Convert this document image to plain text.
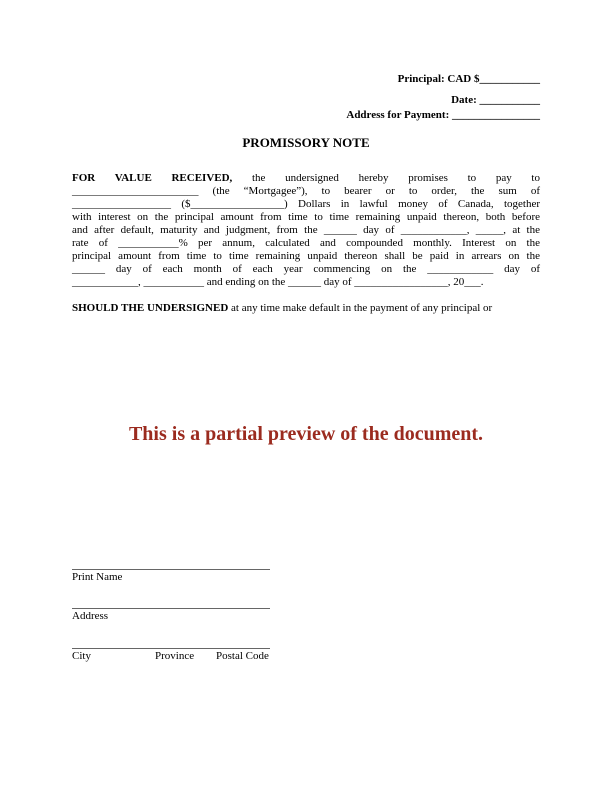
Principal: CAD $___________
Date: ___________
Address for Payment: ________________
PROMISSORY NOTE
FOR VALUE RECEIVED, the undersigned hereby promises to pay to
_______________________ (the “Mortgagee”), to bearer or to order, the sum of
__________________ ($_________________) Dollars in lawful money of Canada, together
with interest on the principal amount from time to time remaining unpaid thereon, both before
and after default, maturity and judgment, from the ______ day of ____________, _____, at the
rate of ___________% per annum, calculated and compounded monthly. Interest on the
principal amount from time to time remaining unpaid thereon shall be paid in arrears on the
______ day of each month of each year commencing on the ____________ day of
____________, ___________ and ending on the ______ day of _________________, 20___.
SHOULD THE UNDERSIGNED at any time make default in the payment of any principal or
This is a partial preview of the document.
Print Name
Address
City	Province Postal Code
